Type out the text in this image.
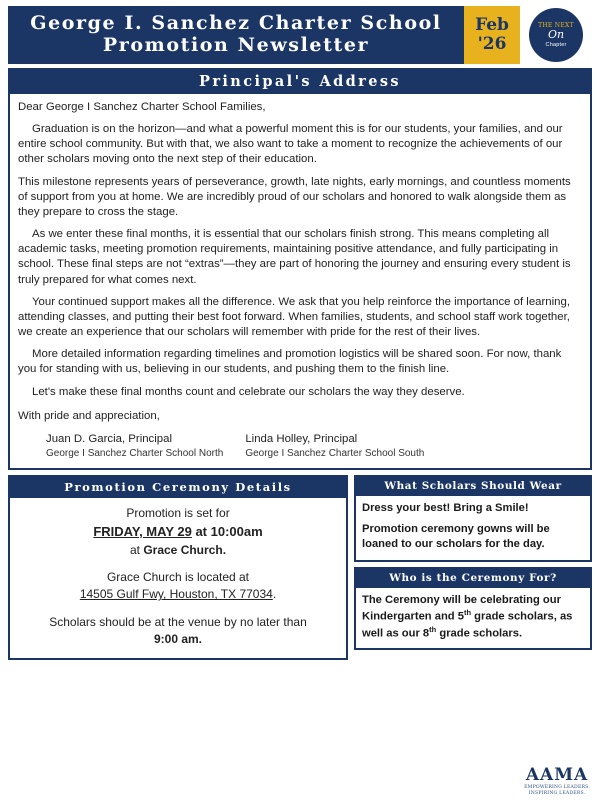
George I. Sanchez Charter School
Promotion Newsletter
Feb
'26
THE NEXT
On
Chapter
Principal's Address

Dear George I Sanchez Charter School Families,

Graduation is on the horizon—and what a powerful moment this is for our students, your families, and our entire school community. But with that, we also want to take a moment to recognize the achievements of our other scholars moving onto the next step of their education.

This milestone represents years of perseverance, growth, late nights, early mornings, and countless moments of support from you at home. We are incredibly proud of our scholars and honored to walk alongside them as they prepare to cross the stage.

As we enter these final months, it is essential that our scholars finish strong. This means completing all academic tasks, meeting promotion requirements, maintaining positive attendance, and fully participating in school. These final steps are not “extras”—they are part of honoring the journey and ensuring every student is truly prepared for what comes next.

Your continued support makes all the difference. We ask that you help reinforce the importance of learning, attending classes, and putting their best foot forward. When families, students, and school staff work together, we create an experience that our scholars will remember with pride for the rest of their lives.

More detailed information regarding timelines and promotion logistics will be shared soon. For now, thank you for standing with us, believing in our students, and pushing them to the finish line.

Let's make these final months count and celebrate our scholars the way they deserve.

With pride and appreciation,

Juan D. Garcia, Principal
George I Sanchez Charter School North
Linda Holley, Principal
George I Sanchez Charter School South
Promotion Ceremony Details
Promotion is set for
FRIDAY, MAY 29 at 10:00am
at Grace Church.
Grace Church is located at
14505 Gulf Fwy, Houston, TX 77034.
Scholars should be at the venue by no later than
9:00 am.
What Scholars Should Wear

Dress your best! Bring a Smile!

Promotion ceremony gowns will be loaned to our scholars for the day.

Who is the Ceremony For?

The Ceremony will be celebrating our Kindergarten and 5th grade scholars, as well as our 8th grade scholars.

AAMA
EMPOWERING LEADERS.
INSPIRING LEADERS.
